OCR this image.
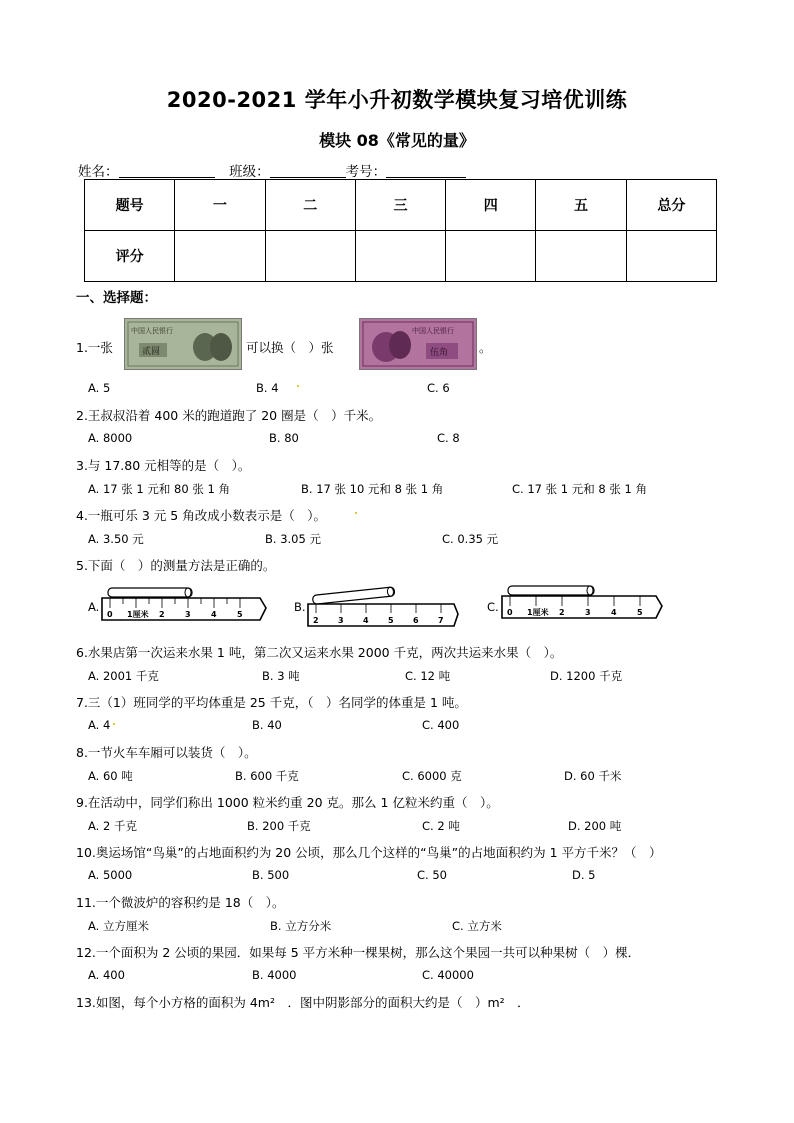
2020-2021 学年小升初数学模块复习培优训练
模块 08《常见的量》
姓名：	班级：	考号：
题号	一	二	三	四	五	总分
评分						
一、选择题：
1.一张
中国人民银行
贰圆	可以换（　）张
中国人民银行
伍角 。
A. 5	B. 4	C. 6
2.王叔叔沿着 400 米的跑道跑了 20 圈是（　）千米。
A. 8000	B. 80	C. 8
3.与 17.80 元相等的是（　）。
A. 17 张 1 元和 80 张 1 角	B. 17 张 10 元和 8 张 1 角	C. 17 张 1 元和 8 张 1 角
4.一瓶可乐 3 元 5 角改成小数表示是（　）。
A. 3.50 元	B. 3.05 元	C. 0.35 元
5.下面（　）的测量方法是正确的。
A.
0 1厘米 2	3	4	5
B.
2 3 4 5 6 7
C. 0 1厘米 2	3	4	5
6.水果店第一次运来水果 1 吨，第二次又运来水果 2000 千克，两次共运来水果（　）。
A. 2001 千克	B. 3 吨	C. 12 吨	D. 1200 千克
7.三（1）班同学的平均体重是 25 千克，（　）名同学的体重是 1 吨。
A. 4	B. 40	C. 400
8.一节火车车厢可以装货（　）。
A. 60 吨	B. 600 千克	C. 6000 克	D. 60 千米
9.在活动中，同学们称出 1000 粒米约重 20 克。那么 1 亿粒米约重（　）。
A. 2 千克	B. 200 千克	C. 2 吨	D. 200 吨
10.奥运场馆“鸟巢”的占地面积约为 20 公顷，那么几个这样的“鸟巢”的占地面积约为 1 平方千米？（　）
A. 5000	B. 500	C. 50	D. 5
11.一个微波炉的容积约是 18（　）。
A. 立方厘米	B. 立方分米	C. 立方米
12.一个面积为 2 公顷的果园．如果每 5 平方米种一棵果树，那么这个果园一共可以种果树（　）棵．
A. 400	B. 4000	C. 40000
13.如图，每个小方格的面积为 4m²　．图中阴影部分的面积大约是（　）m²　．
